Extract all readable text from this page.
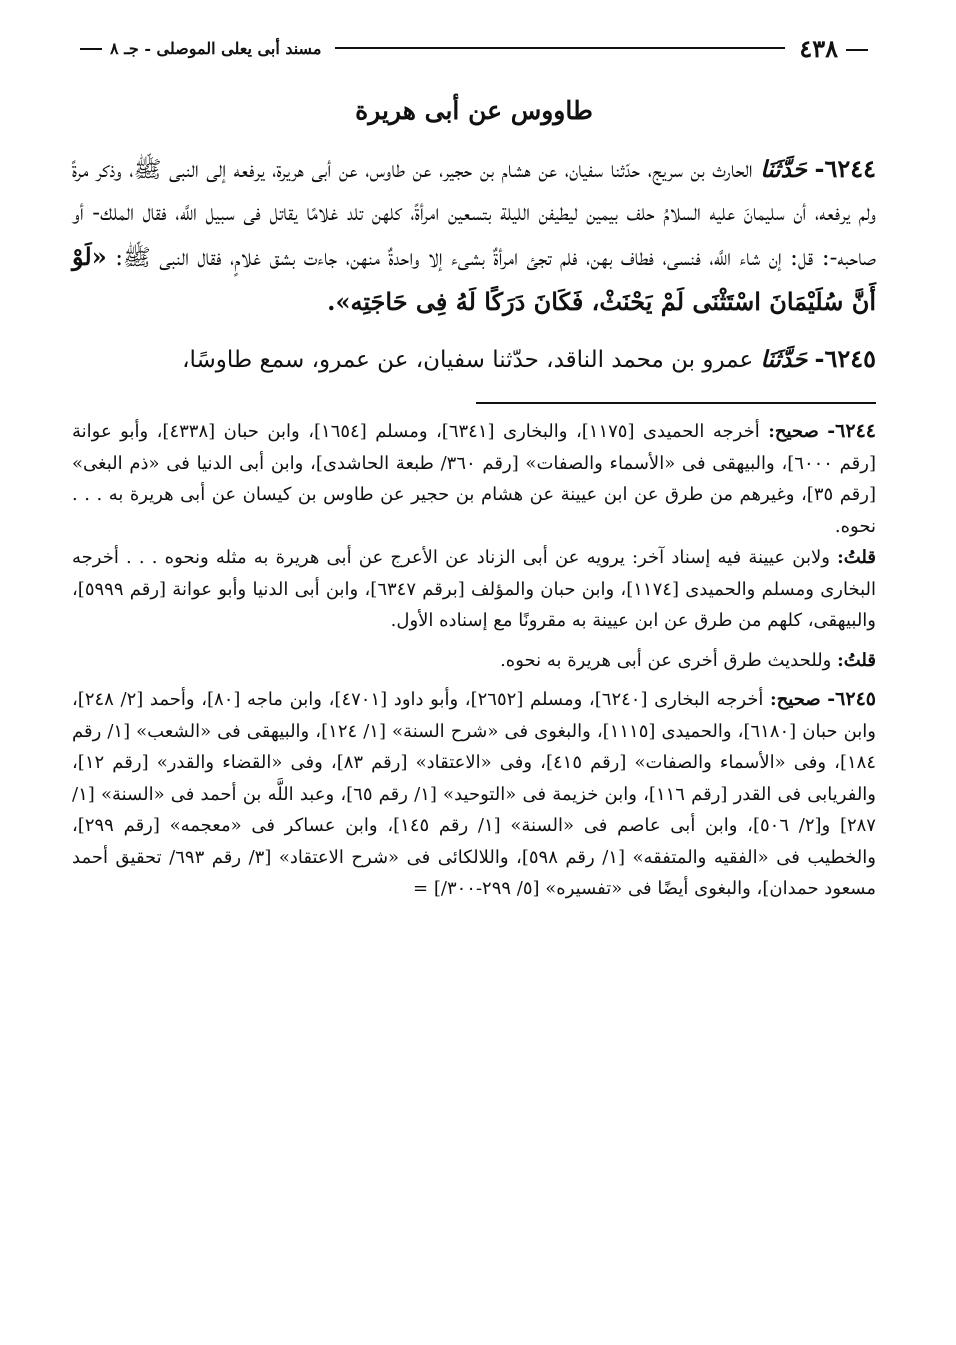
٤٣٨
مسند أبى يعلى الموصلى - جـ ٨
طاووس عن أبى هريرة

٦٢٤٤- حَدَّثَنَا الحارث بن سريج، حدّثنا سفيان، عن هشام بن حجير، عن طاوس، عن أبى هريرة، يرفعه إلى النبى ﷺ، وذكر مرةً ولم يرفعه، أن سليمانَ عليه السلامُ حلف بيمين ليطيفن الليلة بتسعين امرأةً، كلهن تلد غلامًا يقاتل فى سبيل اللَّه، فقال الملك- أو صاحبه-: قل: إن شاء اللَّه، فنسى، فطاف بهن، فلم تجئ امرأةٌ بشىء إلا واحدةٌ منهن، جاءت بشق غلامٍ، فقال النبى ﷺ: «لَوْ أَنَّ سُلَيْمَانَ اسْتَثْنَى لَمْ يَحْنَثْ، فَكَانَ دَرَكًا لَهُ فِى حَاجَتِه».

٦٢٤٥- حَدَّثَنَا عمرو بن محمد الناقد، حدّثنا سفيان، عن عمرو، سمع طاوسًا،

٦٢٤٤- صحيح: أخرجه الحميدى [١١٧٥]، والبخارى [٦٣٤١]، ومسلم [١٦٥٤]، وابن حبان [٤٣٣٨]، وأبو عوانة [رقم ٦٠٠٠]، والبيهقى فى «الأسماء والصفات» [رقم ٣٦٠/ طبعة الحاشدى]، وابن أبى الدنيا فى «ذم البغى» [رقم ٣٥]، وغيرهم من طرق عن ابن عيينة عن هشام بن حجير عن طاوس بن كيسان عن أبى هريرة به . . . نحوه.

قلتُ: ولابن عيينة فيه إسناد آخر: يرويه عن أبى الزناد عن الأعرج عن أبى هريرة به مثله ونحوه . . . أخرجه البخارى ومسلم والحميدى [١١٧٤]، وابن حبان والمؤلف [برقم ٦٣٤٧]، وابن أبى الدنيا وأبو عوانة [رقم ٥٩٩٩]، والبيهقى، كلهم من طرق عن ابن عيينة به مقرونًا مع إسناده الأول.

قلتُ: وللحديث طرق أخرى عن أبى هريرة به نحوه.

٦٢٤٥- صحيح: أخرجه البخارى [٦٢٤٠]، ومسلم [٢٦٥٢]، وأبو داود [٤٧٠١]، وابن ماجه [٨٠]، وأحمد [٢/ ٢٤٨]، وابن حبان [٦١٨٠]، والحميدى [١١١٥]، والبغوى فى «شرح السنة» [١/ ١٢٤]، والبيهقى فى «الشعب» [١/ رقم ١٨٤]، وفى «الأسماء والصفات» [رقم ٤١٥]، وفى «الاعتقاد» [رقم ٨٣]، وفى «القضاء والقدر» [رقم ١٢]، والفريابى فى القدر [رقم ١١٦]، وابن خزيمة فى «التوحيد» [١/ رقم ٦٥]، وعبد اللَّه بن أحمد فى «السنة» [١/ ٢٨٧] و[٢/ ٥٠٦]، وابن أبى عاصم فى «السنة» [١/ رقم ١٤٥]، وابن عساكر فى «معجمه» [رقم ٢٩٩]، والخطيب فى «الفقيه والمتفقه» [١/ رقم ٥٩٨]، واللالكائى فى «شرح الاعتقاد» [٣/ رقم ٦٩٣/ تحقيق أحمد مسعود حمدان]، والبغوى أيضًا فى «تفسيره» [٥/ ٢٩٩-٣٠٠/] =
